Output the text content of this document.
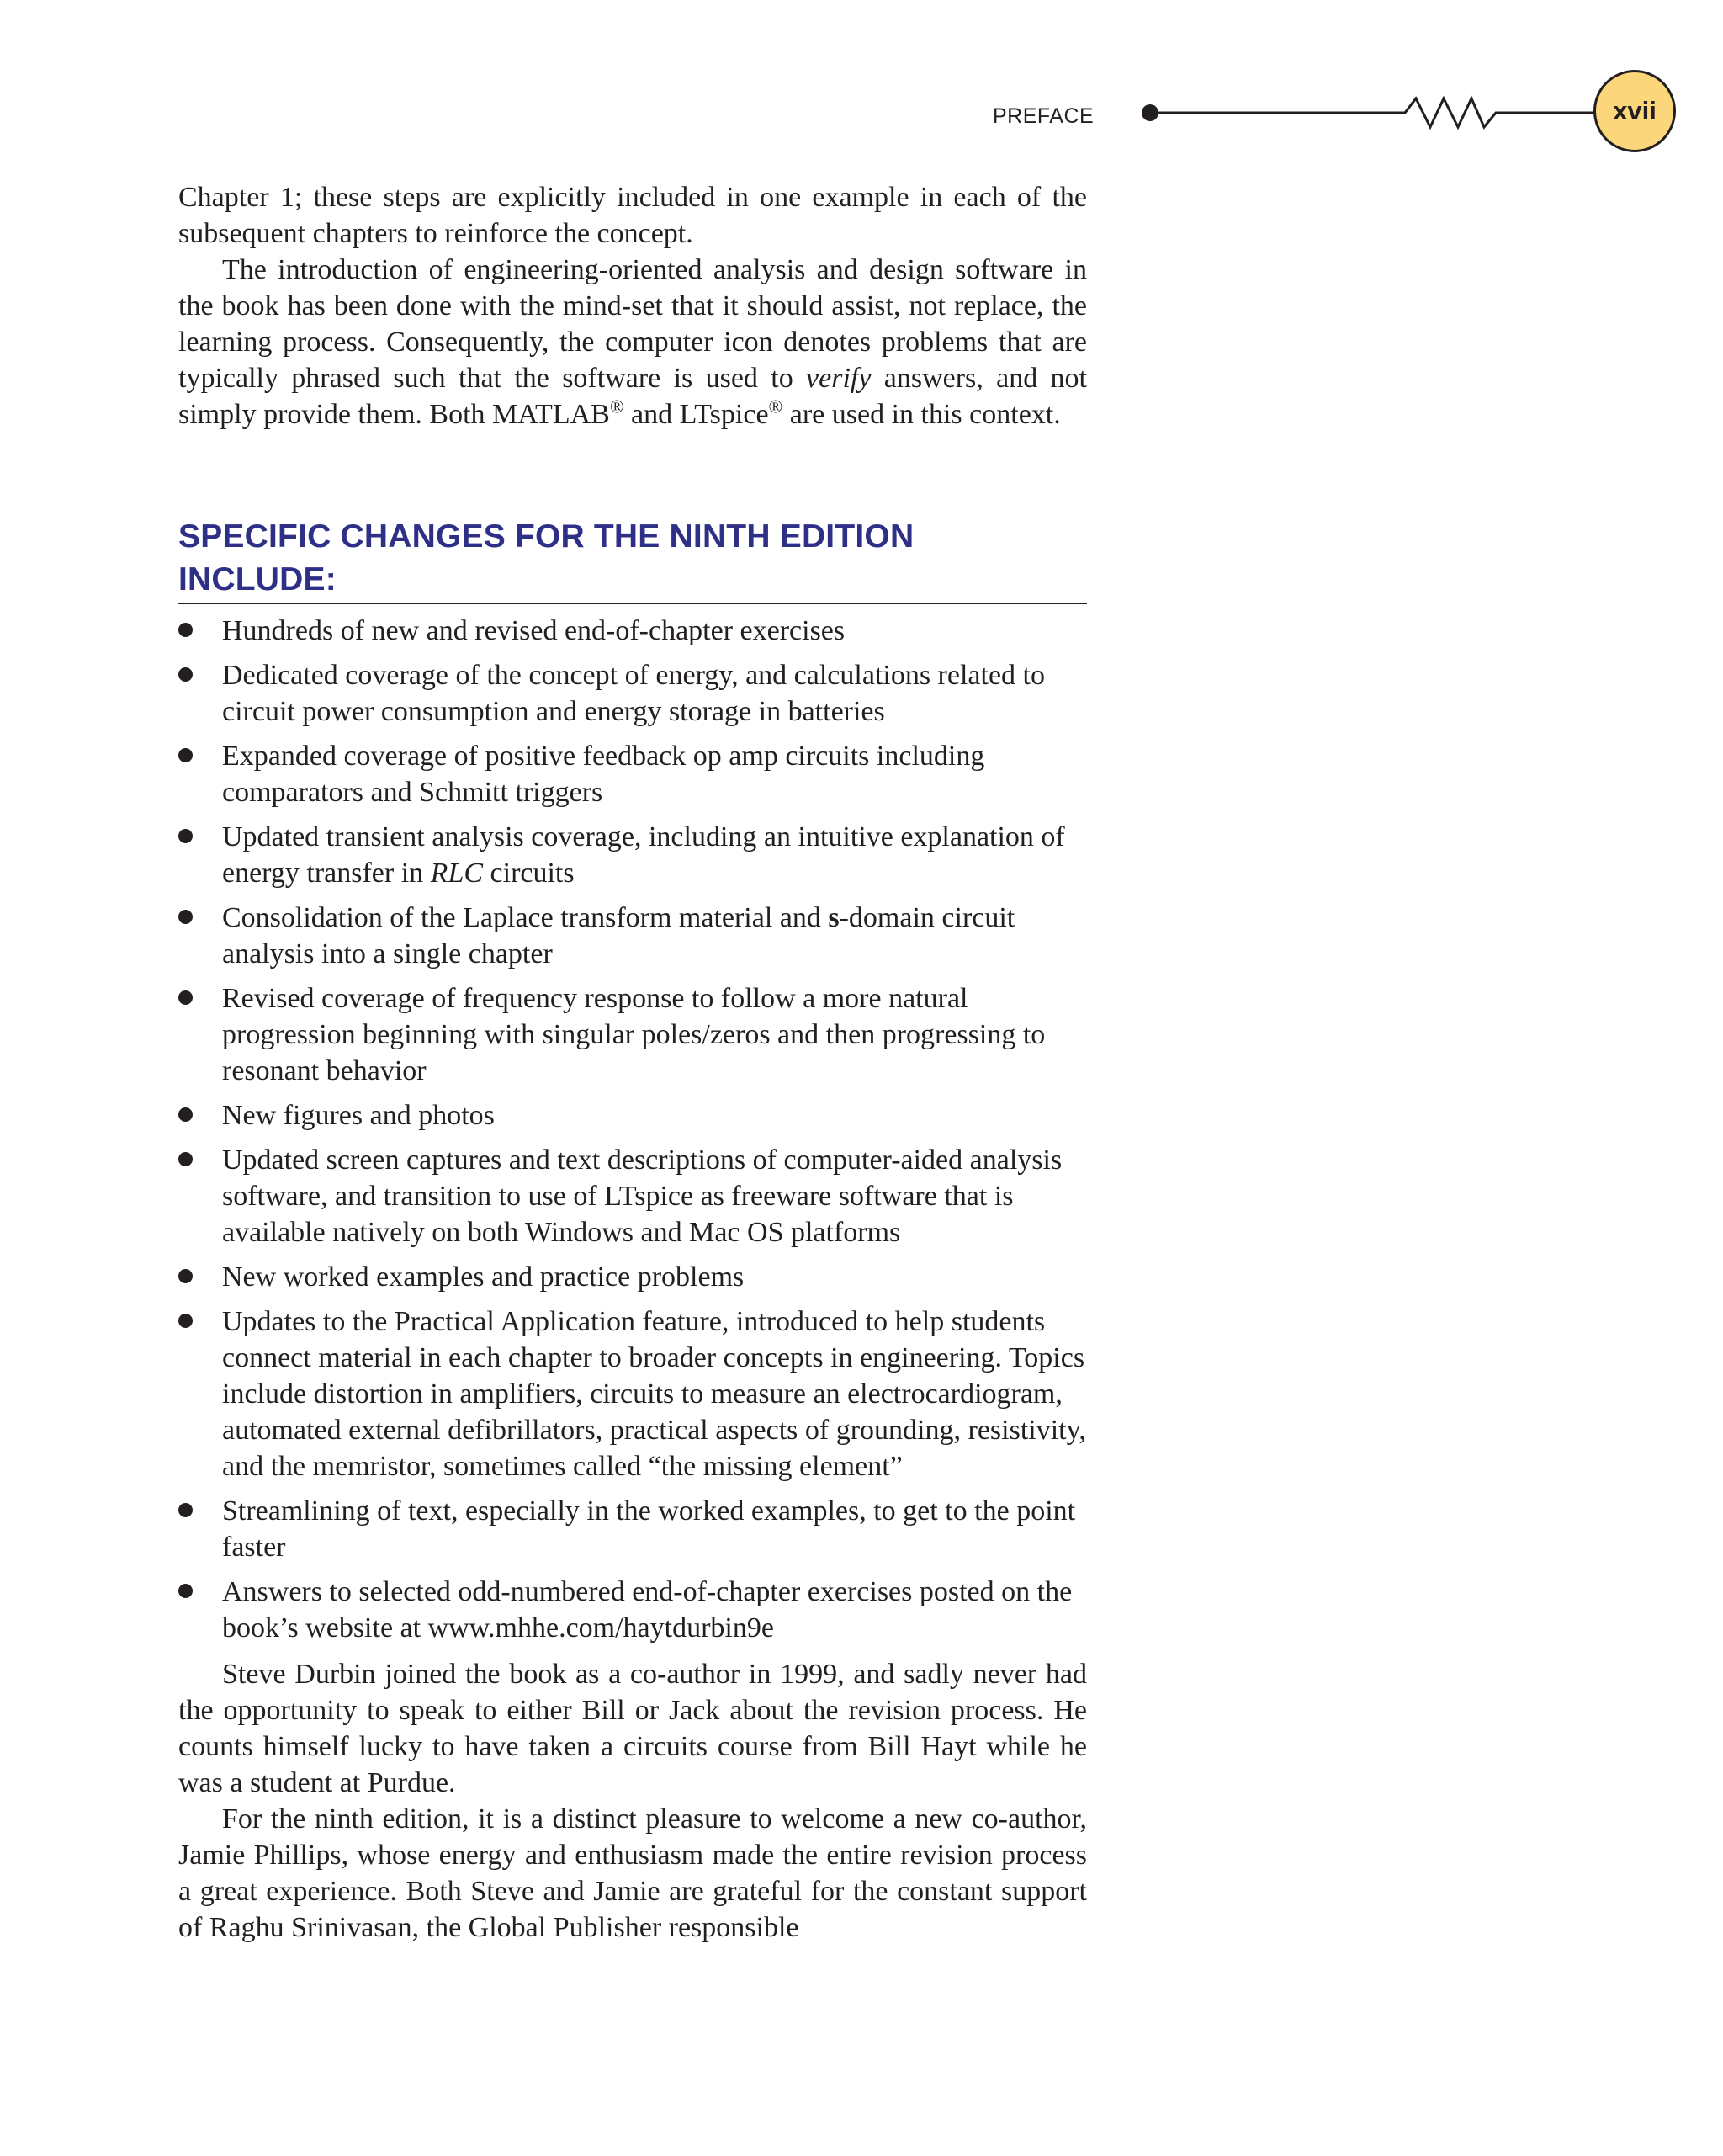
PREFACE	xvii

Chapter 1; these steps are explicitly included in one example in each of the subsequent chapters to reinforce the concept.

The introduction of engineering-oriented analysis and design software in the book has been done with the mind-set that it should assist, not replace, the learning process. Consequently, the computer icon denotes problems that are typically phrased such that the software is used to verify answers, and not simply provide them. Both MATLAB® and LTspice® are used in this context.

SPECIFIC CHANGES FOR THE NINTH EDITION
INCLUDE:
Hundreds of new and revised end-of-chapter exercises
Dedicated coverage of the concept of energy, and calculations related to circuit power consumption and energy storage in batteries
Expanded coverage of positive feedback op amp circuits including comparators and Schmitt triggers
Updated transient analysis coverage, including an intuitive explanation of energy transfer in RLC circuits
Consolidation of the Laplace transform material and s-domain circuit analysis into a single chapter
Revised coverage of frequency response to follow a more natural progression beginning with singular poles/zeros and then progressing to resonant behavior
New figures and photos
Updated screen captures and text descriptions of computer-aided analysis software, and transition to use of LTspice as freeware software that is available natively on both Windows and Mac OS platforms
New worked examples and practice problems
Updates to the Practical Application feature, introduced to help students connect material in each chapter to broader concepts in engineering. Topics include distortion in amplifiers, circuits to measure an electrocardiogram, automated external defibrillators, practical aspects of grounding, resistivity, and the memristor, sometimes called “the missing element”
Streamlining of text, especially in the worked examples, to get to the point faster
Answers to selected odd-numbered end-of-chapter exercises posted on the book’s website at www.mhhe.com/haytdurbin9e

Steve Durbin joined the book as a co-author in 1999, and sadly never had the opportunity to speak to either Bill or Jack about the revision process. He counts himself lucky to have taken a circuits course from Bill Hayt while he was a student at Purdue.

For the ninth edition, it is a distinct pleasure to welcome a new co-author, Jamie Phillips, whose energy and enthusiasm made the entire revision process a great experience. Both Steve and Jamie are grateful for the constant support of Raghu Srinivasan, the Global Publisher responsible
